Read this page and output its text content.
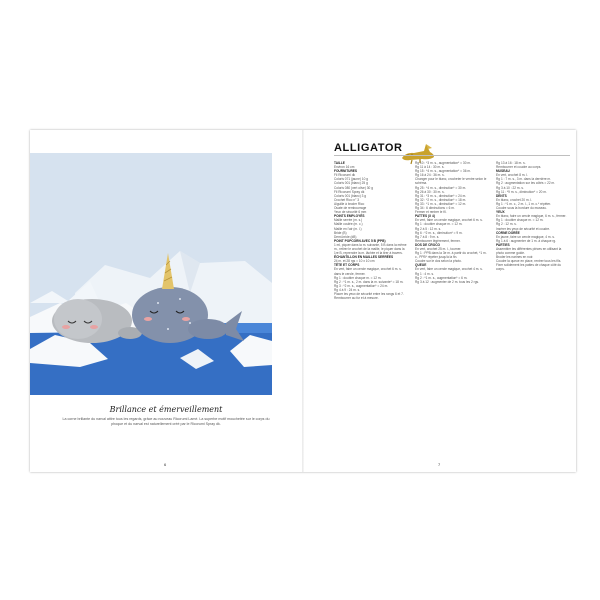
Brillance et émerveillement
La corne brillante du narval attire tous les regards, grâce au nouveau Ricorumi Lamé. La superbe motif mouchetée sur le corps du phoque et du narval est naturellement créé par le Ricorumi Spray dk.
6
ALLIGATOR
TAILLE
Environ 16 cm
FOURNITURES
Fil Ricorumi dk
Coloris 071 (jaune) 10 g
Coloris 001 (blanc) 25 g
Coloris 080 (vert olive) 30 g
Fil Ricorumi Spray dk
Coloris 001 (blanc) 3 g
Crochet Rico n° 3
Aiguille à broder Rico
Ouate de rembourrage
Yeux de sécurité 6 mm
POINTS EMPLOYÉS
Maille serrée (m. s.)
Maille coulée (m. c.)
Maille en l'air (m. l.)
Bride (B)
Demi-bride (dB)
POINT POPCORN AVEC 5 B (PPB)
1 ml, piquer dans la m. suivante, 5 B dans la même m., retirer le crochet de la maille, le piquer dans la 1re B, reprendre la m. lâchée et la tirer à travers.
ÉCHANTILLON EN MAILLES SERRÉES
24 m. et 28 rgs = 10 x 10 cm
TÊTE ET CORPS
En vert, faire un cercle magique, crochet 6 m. s. dans le cercle, fermer.
Rg 1 : doubler chaque m. = 12 m.
Rg 2 : *1 m. s., 2 m. dans la m. suivante* = 18 m.
Rg 3 : *2 m. s., augmentation* = 24 m.
Rg 4 à 9 : 24 m. s.
Placer les yeux de sécurité entre les rangs 6 et 7.
Rembourrer au fur et à mesure.
Rg 10 : *3 m. s., augmentation* = 30 m.
Rg 11 à 14 : 30 m. s.
Rg 15 : *4 m. s., augmentation* = 36 m.
Rg 16 à 24 : 36 m. s.
Changer pour le blanc, crocheter le ventre selon le schéma.
Rg 25 : *4 m. s., diminution* = 30 m.
Rg 26 à 30 : 30 m. s.
Rg 31 : *3 m. s., diminution* = 24 m.
Rg 32 : *2 m. s., diminution* = 18 m.
Rg 33 : *1 m. s., diminution* = 12 m.
Rg 34 : 6 diminutions = 6 m.
Fermer et rentrer le fil.
PATTES (X 4)
En vert, faire un cercle magique, crochet 6 m. s.
Rg 1 : doubler chaque m. = 12 m.
Rg 2 à 5 : 12 m. s.
Rg 6 : *2 m. s., diminution* = 9 m.
Rg 7 à 8 : 9 m. s.
Rembourrer légèrement, fermer.
DOS DE CROCO
En vert, crochet 25 m. l., tourner.
Rg 1 : PPB dans la 3e m. à partir du crochet, *1 m. c., PPB* répéter jusqu'à la fin.
Coudre sur le dos selon la photo.
QUEUE
En vert, faire un cercle magique, crochet 4 m. s.
Rg 1 : 4 m. s.
Rg 2 : *1 m. s., augmentation* = 6 m.
Rg 3 à 12 : augmenter de 2 m. tous les 2 rgs.
Rg 13 à 16 : 18 m. s.
Rembourrer et coudre au corps.
MUSEAU
En vert, crochet 8 m. l.
Rg 1 : 7 m. s., 3 m. dans la dernière m.
Rg 2 : augmentation sur les côtés = 22 m.
Rg 3 à 10 : 22 m. s.
Rg 11 : *9 m. s., diminution* = 20 m.
DENTS
En blanc, crochet 20 m. l.
Rg 1 : *1 m. c., 2 m. l., 1 m. c.* répéter.
Coudre sous la bordure du museau.
YEUX
En blanc, faire un cercle magique, 6 m. s., fermer.
Rg 1 : doubler chaque m. = 12 m.
Rg 2 : 12 m. s.
Insérer les yeux de sécurité et coudre.
CORNE DORÉE
En jaune, faire un cercle magique, 4 m. s.
Rg 1 à 6 : augmenter de 1 m. à chaque rg.
PARTIES
Assembler les différentes pièces en utilisant la photo comme guide.
Broder les narines en noir.
Coudre la queue en place, rentrer tous les fils.
Fixer solidement les pattes de chaque côté du corps.
7
